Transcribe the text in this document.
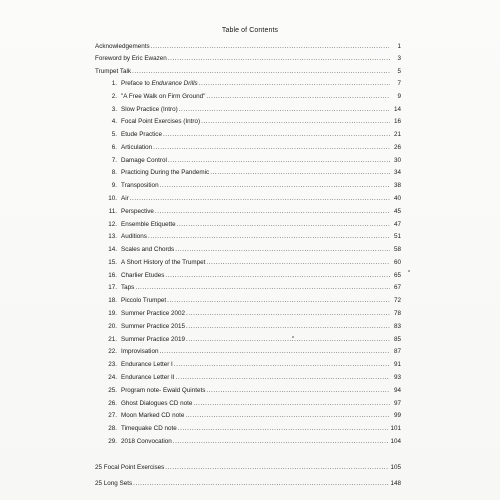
Table of Contents
Acknowledgements .....	1
Foreword by Eric Ewazen .....	3
Trumpet Talk .....	5
1. Preface to Endurance Drills .....	7
2. "A Free Walk on Firm Ground" .....	9
3. Slow Practice (Intro) .....	14
4. Focal Point Exercises (Intro) .....	16
5. Etude Practice .....	21
6. Articulation .....	26
7. Damage Control .....	30
8. Practicing During the Pandemic .....	34
9. Transposition .....	38
10. Air .....	40
11. Perspective .....	45
12. Ensemble Etiquette .....	47
13. Auditions .....	51
14. Scales and Chords .....	58
15. A Short History of the Trumpet .....	60
16. Charlier Etudes .....	65
17. Taps .....	67
18. Piccolo Trumpet .....	72
19. Summer Practice 2002 .....	78
20. Summer Practice 2015 .....	83
21. Summer Practice 2019 .....	85
22. Improvisation .....	87
23. Endurance Letter I .....	91
24. Endurance Letter II .....	93
25. Program note- Ewald Quintets .....	94
26. Ghost Dialogues CD note .....	97
27. Moon Marked CD note .....	99
28. Timequake CD note .....	101
29. 2018 Convocation .....	104
25 Focal Point Exercises .....	105
25 Long Sets .....	148
